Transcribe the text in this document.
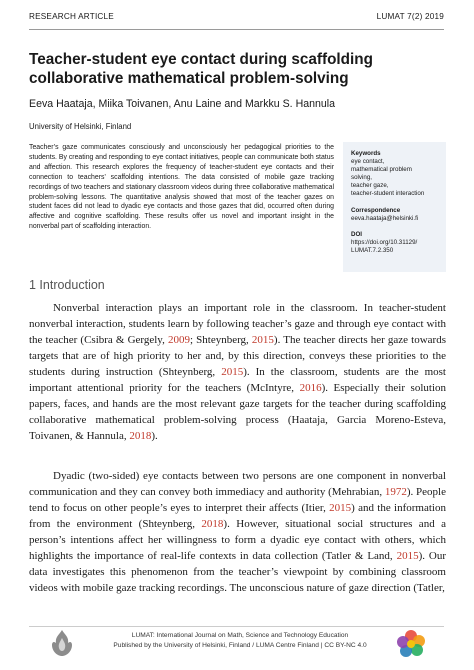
RESEARCH ARTICLE	LUMAT 7(2) 2019
Teacher-student eye contact during scaffolding collaborative mathematical problem-solving
Eeva Haataja, Miika Toivanen, Anu Laine and Markku S. Hannula
University of Helsinki, Finland
Teacher’s gaze communicates consciously and unconsciously her pedagogical priorities to the students. By creating and responding to eye contact initiatives, people can communicate both status and affection. This research explores the frequency of teacher-student eye contacts and their connection to teachers’ scaffolding intentions. The data consisted of mobile gaze tracking recordings of two teachers and stationary classroom videos during three collaborative mathematical problem-solving lessons. The quantitative analysis showed that most of the teacher gazes on student faces did not lead to dyadic eye contacts and those gazes that did, occurred often during affective and cognitive scaffolding. These results offer us novel and important insight in the nonverbal part of scaffolding interaction.
Keywords
eye contact,
mathematical problem
solving,
teacher gaze,
teacher-student interaction
Correspondence
eeva.haataja@helsinki.fi
DOI
https://doi.org/10.31129/
LUMAT.7.2.350
1 Introduction
Nonverbal interaction plays an important role in the classroom. In teacher-student nonverbal interaction, students learn by following teacher’s gaze and through eye contact with the teacher (Csibra & Gergely, 2009; Shteynberg, 2015). The teacher directs her gaze towards targets that are of high priority to her and, by this direction, conveys these priorities to the students during instruction (Shteynberg, 2015). In the classroom, students are the most important attentional priority for the teachers (McIntyre, 2016). Especially their solution papers, faces, and hands are the most relevant gaze targets for the teacher during scaffolding collaborative mathematical problem-solving process (Haataja, Garcia Moreno-Esteva, Toivanen, & Hannula, 2018).
Dyadic (two-sided) eye contacts between two persons are one component in nonverbal communication and they can convey both immediacy and authority (Mehrabian, 1972). People tend to focus on other people’s eyes to interpret their affects (Itier, 2015) and the information from the environment (Shteynberg, 2018). However, situational social structures and a person’s intentions affect her willingness to form a dyadic eye contact with others, which highlights the importance of real-life contexts in data collection (Tatler & Land, 2015). Our data investigates this phenomenon from the teacher’s viewpoint by combining classroom videos with mobile gaze tracking recordings. The unconscious nature of gaze direction (Tatler,
LUMAT: International Journal on Math, Science and Technology Education
Published by the University of Helsinki, Finland / LUMA Centre Finland | CC BY-NC 4.0
